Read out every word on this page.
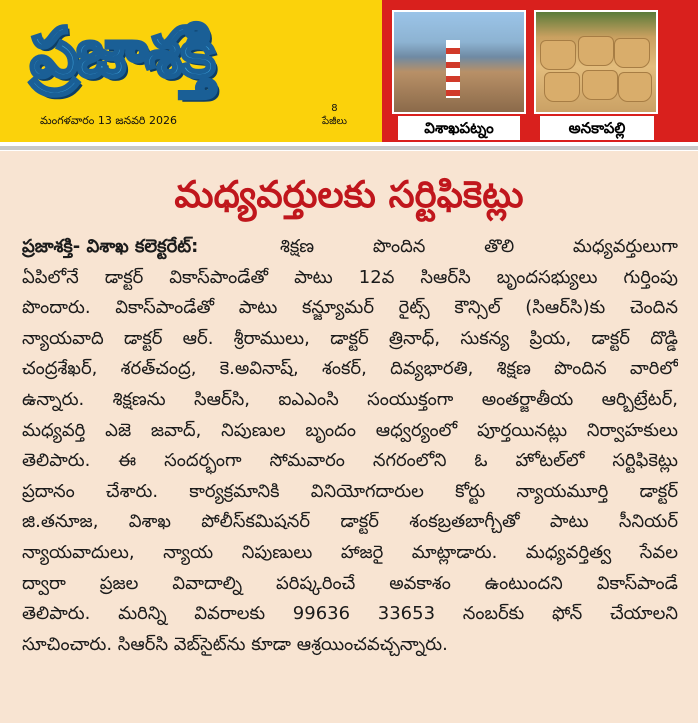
ప్రజాశక్తి
మంగళవారం 13 జనవరి 2026
8
పేజీలు	విశాఖపట్నం	అనకాపల్లి
మధ్యవర్తులకు సర్టిఫికెట్లు
ప్రజాశక్తి- విశాఖ కలెక్టరేట్:	శిక్షణ పొందిన తొలి మధ్యవర్తులుగా
ఏపిలోనే డాక్టర్ వికాస్‌పాండేతో పాటు 12వ సిఆర్‌సి బృందసభ్యులు గుర్తింపు
పొందారు. వికాస్‌పాండేతో పాటు కన్జ్యూమర్ రైట్స్ కౌన్సిల్ (సిఆర్‌సి)కు చెందిన
న్యాయవాది డాక్టర్ ఆర్. శ్రీరాములు, డాక్టర్ త్రినాధ్, సుకన్య ప్రియ, డాక్టర్ దొడ్డి
చంద్రశేఖర్, శరత్‌చంద్ర, కె.అవినాష్, శంకర్, దివ్యభారతి, శిక్షణ పొందిన వారిలో
ఉన్నారు. శిక్షణను సిఆర్‌సి, ఐఎఎంసి సంయుక్తంగా అంతర్జాతీయ ఆర్బిట్రేటర్,
మధ్యవర్తి ఎజె జవాద్, నిపుణుల బృందం ఆధ్వర్యంలో పూర్తయినట్లు నిర్వాహకులు
తెలిపారు. ఈ సందర్భంగా సోమవారం నగరంలోని ఓ హోటల్‌లో సర్టిఫికెట్లు
ప్రదానం చేశారు. కార్యక్రమానికి వినియోగదారుల కోర్టు న్యాయమూర్తి డాక్టర్
జి.తనూజ, విశాఖ పోలీస్‌కమిషనర్ డాక్టర్ శంకబ్రతబాగ్చీతో పాటు సీనియర్
న్యాయవాదులు, న్యాయ నిపుణులు హాజరై మాట్లాడారు. మధ్యవర్తిత్వ సేవల
ద్వారా ప్రజల వివాదాల్ని పరిష్కరించే అవకాశం ఉంటుందని వికాస్‌పాండే
తెలిపారు. మరిన్ని వివరాలకు 99636 33653 నంబర్‌కు ఫోన్ చేయాలని
సూచించారు. సిఆర్‌సి వెబ్‌సైట్‌ను కూడా ఆశ్రయించవచ్చన్నారు.
